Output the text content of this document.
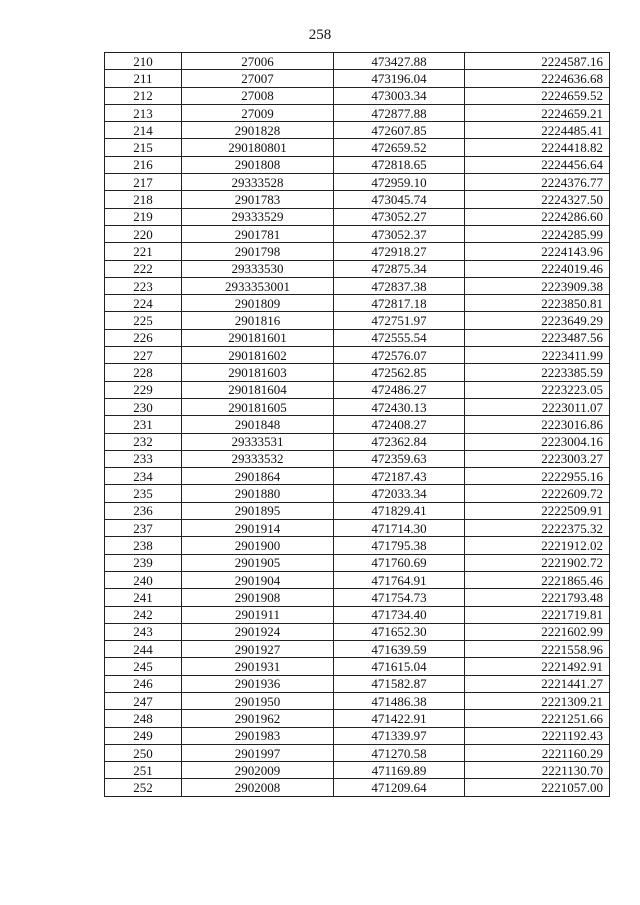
258
210	27006	473427.88	2224587.16
211	27007	473196.04	2224636.68
212	27008	473003.34	2224659.52
213	27009	472877.88	2224659.21
214	2901828	472607.85	2224485.41
215	290180801	472659.52	2224418.82
216	2901808	472818.65	2224456.64
217	29333528	472959.10	2224376.77
218	2901783	473045.74	2224327.50
219	29333529	473052.27	2224286.60
220	2901781	473052.37	2224285.99
221	2901798	472918.27	2224143.96
222	29333530	472875.34	2224019.46
223	2933353001	472837.38	2223909.38
224	2901809	472817.18	2223850.81
225	2901816	472751.97	2223649.29
226	290181601	472555.54	2223487.56
227	290181602	472576.07	2223411.99
228	290181603	472562.85	2223385.59
229	290181604	472486.27	2223223.05
230	290181605	472430.13	2223011.07
231	2901848	472408.27	2223016.86
232	29333531	472362.84	2223004.16
233	29333532	472359.63	2223003.27
234	2901864	472187.43	2222955.16
235	2901880	472033.34	2222609.72
236	2901895	471829.41	2222509.91
237	2901914	471714.30	2222375.32
238	2901900	471795.38	2221912.02
239	2901905	471760.69	2221902.72
240	2901904	471764.91	2221865.46
241	2901908	471754.73	2221793.48
242	2901911	471734.40	2221719.81
243	2901924	471652.30	2221602.99
244	2901927	471639.59	2221558.96
245	2901931	471615.04	2221492.91
246	2901936	471582.87	2221441.27
247	2901950	471486.38	2221309.21
248	2901962	471422.91	2221251.66
249	2901983	471339.97	2221192.43
250	2901997	471270.58	2221160.29
251	2902009	471169.89	2221130.70
252	2902008	471209.64	2221057.00
